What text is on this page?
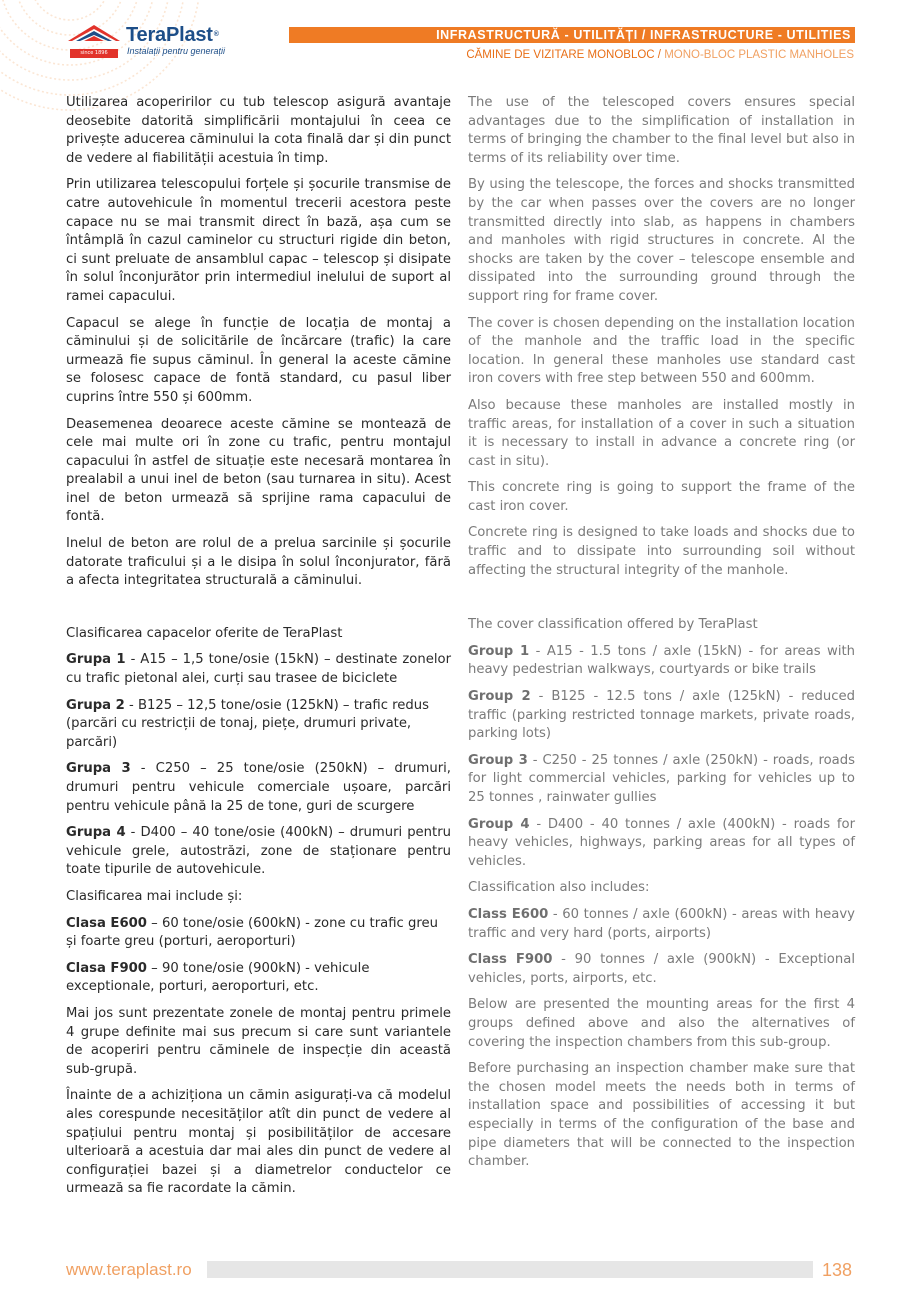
since 1896
TeraPlast®
Instalații pentru generații
INFRASTRUCTURĂ - UTILITĂȚI / INFRASTRUCTURE - UTILITIES
CĂMINE DE VIZITARE MONOBLOC / MONO-BLOC PLASTIC MANHOLES

Utilizarea acoperirilor cu tub telescop asigură avantaje deosebite datorită simplificării montajului în ceea ce privește aducerea căminului la cota finală dar și din punct de vedere al fiabilității acestuia în timp.

Prin utilizarea telescopului forțele și șocurile transmise de catre autovehicule în momentul trecerii acestora peste capace nu se mai transmit direct în bază, așa cum se întâmplă în cazul caminelor cu structuri rigide din beton, ci sunt preluate de ansamblul capac – telescop și disipate în solul înconjurător prin intermediul inelului de suport al ramei capacului.

Capacul se alege în funcție de locația de montaj a căminului și de solicitările de încărcare (trafic) la care urmează fie supus căminul. În general la aceste cămine se folosesc capace de fontă standard, cu pasul liber cuprins între 550 și 600mm.

Deasemenea deoarece aceste cămine se montează de cele mai multe ori în zone cu trafic, pentru montajul capacului în astfel de situație este necesară montarea în prealabil a unui inel de beton (sau turnarea in situ). Acest inel de beton urmează să sprijine rama capacului de fontă.

Inelul de beton are rolul de a prelua sarcinile și șocurile datorate traficului și a le disipa în solul înconjurator, fără a afecta integritatea structurală a căminului.

Clasificarea capacelor oferite de TeraPlast

Grupa 1 - A15 – 1,5 tone/osie (15kN) – destinate zonelor cu trafic pietonal alei, curți sau trasee de biciclete

Grupa 2 - B125 – 12,5 tone/osie (125kN) – trafic redus (parcări cu restricții de tonaj, piețe, drumuri private, parcări)

Grupa 3 - C250 – 25 tone/osie (250kN) – drumuri, drumuri pentru vehicule comerciale ușoare, parcări pentru vehicule până la 25 de tone, guri de scurgere

Grupa 4 - D400 – 40 tone/osie (400kN) – drumuri pentru vehicule grele, autostrăzi, zone de staționare pentru toate tipurile de autovehicule.

Clasificarea mai include și:

Clasa E600 – 60 tone/osie (600kN) - zone cu trafic greu și foarte greu (porturi, aeroporturi)

Clasa F900 – 90 tone/osie (900kN) - vehicule exceptionale, porturi, aeroporturi, etc.

Mai jos sunt prezentate zonele de montaj pentru primele 4 grupe definite mai sus precum si care sunt variantele de acoperiri pentru căminele de inspecție din această sub-grupă.

Înainte de a achiziționa un cămin asigurați-va că modelul ales corespunde necesităților atît din punct de vedere al spațiului pentru montaj și posibilităților de accesare ulterioară a acestuia dar mai ales din punct de vedere al configurației bazei și a diametrelor conductelor ce urmează sa fie racordate la cămin.

The use of the telescoped covers ensures special advantages due to the simplification of installation in terms of bringing the chamber to the final level but also in terms of its reliability over time.

By using the telescope, the forces and shocks transmitted by the car when passes over the covers are no longer transmitted directly into slab, as happens in chambers and manholes with rigid structures in concrete. Al the shocks are taken by the cover – telescope ensemble and dissipated into the surrounding ground through the support ring for frame cover.

The cover is chosen depending on the installation location of the manhole and the traffic load in the specific location. In general these manholes use standard cast iron covers with free step between 550 and 600mm.

Also because these manholes are installed mostly in traffic areas, for installation of a cover in such a situation it is necessary to install in advance a concrete ring (or cast in situ).

This concrete ring is going to support the frame of the cast iron cover.

Concrete ring is designed to take loads and shocks due to traffic and to dissipate into surrounding soil without affecting the structural integrity of the manhole.

The cover classification offered by TeraPlast

Group 1 - A15 - 1.5 tons / axle (15kN) - for areas with heavy pedestrian walkways, courtyards or bike trails

Group 2 - B125 - 12.5 tons / axle (125kN) - reduced traffic (parking restricted tonnage markets, private roads, parking lots)

Group 3 - C250 - 25 tonnes / axle (250kN) - roads, roads for light commercial vehicles, parking for vehicles up to 25 tonnes , rainwater gullies

Group 4 - D400 - 40 tonnes / axle (400kN) - roads for heavy vehicles, highways, parking areas for all types of vehicles.

Classification also includes:

Class E600 - 60 tonnes / axle (600kN) - areas with heavy traffic and very hard (ports, airports)

Class F900 - 90 tonnes / axle (900kN) - Exceptional vehicles, ports, airports, etc.

Below are presented the mounting areas for the first 4 groups defined above and also the alternatives of covering the inspection chambers from this sub-group.

Before purchasing an inspection chamber make sure that the chosen model meets the needs both in terms of installation space and possibilities of accessing it but especially in terms of the configuration of the base and pipe diameters that will be connected to the inspection chamber.

www.teraplast.ro	138
